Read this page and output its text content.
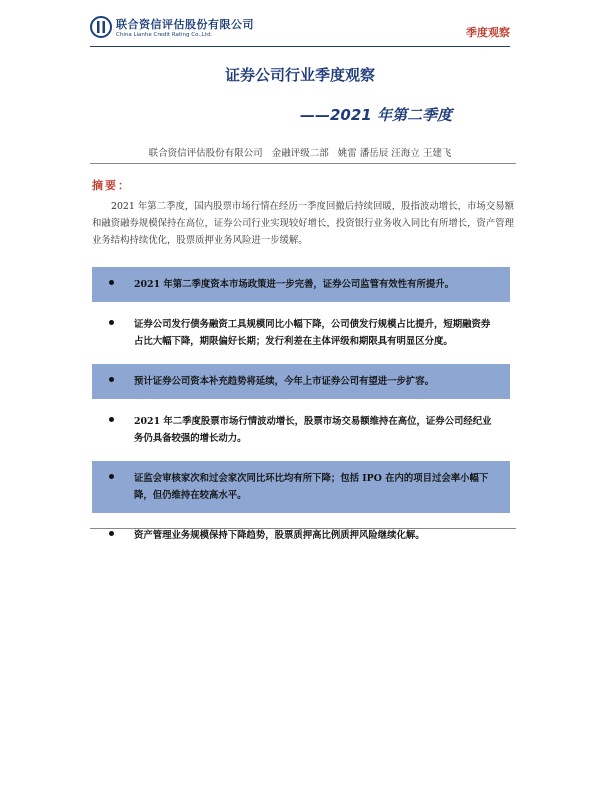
联合资信评估股份有限公司
China Lianhe Credit Rating Co.,Ltd.	季度观察
证券公司行业季度观察
——2021 年第二季度
联合资信评估股份有限公司 金融评级二部 姚雷 潘岳辰 汪海立 王建飞
摘要：
2021 年第二季度，国内股票市场行情在经历一季度回撤后持续回暖，股指波动增长，市场交易额和融资融券规模保持在高位，证券公司行业实现较好增长，投资银行业务收入同比有所增长，资产管理业务结构持续优化，股票质押业务风险进一步缓解。
2021 年第二季度资本市场政策进一步完善，证券公司监管有效性有所提升。
证券公司发行债务融资工具规模同比小幅下降，公司债发行规模占比提升，短期融资券占比大幅下降，期限偏好长期；发行利差在主体评级和期限具有明显区分度。
预计证券公司资本补充趋势将延续，今年上市证券公司有望进一步扩容。
2021 年二季度股票市场行情波动增长，股票市场交易额维持在高位，证券公司经纪业务仍具备较强的增长动力。
证监会审核家次和过会家次同比环比均有所下降；包括 IPO 在内的项目过会率小幅下降，但仍维持在较高水平。
资产管理业务规模保持下降趋势，股票质押高比例质押风险继续化解。
